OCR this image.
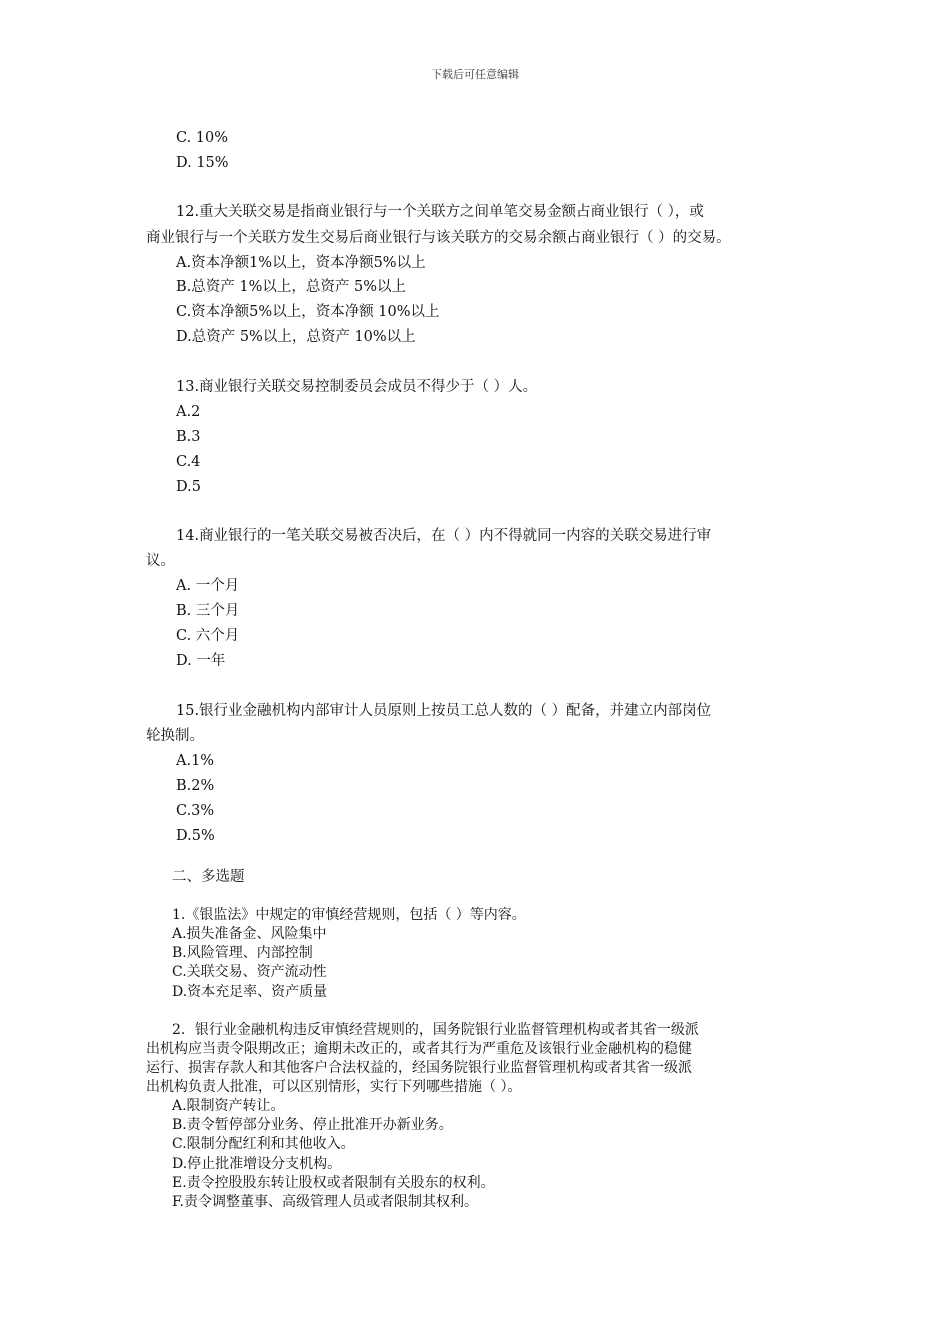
下载后可任意编辑
C. 10%
D. 15%
12.重大关联交易是指商业银行与一个关联方之间单笔交易金额占商业银行（ ），或
商业银行与一个关联方发生交易后商业银行与该关联方的交易余额占商业银行（ ）的交易。
A.资本净额1%以上，资本净额5%以上
B.总资产 1%以上，总资产 5%以上
C.资本净额5%以上，资本净额 10%以上
D.总资产 5%以上，总资产 10%以上
13.商业银行关联交易控制委员会成员不得少于（ ）人。
A.2
B.3
C.4
D.5
14.商业银行的一笔关联交易被否决后，在（ ）内不得就同一内容的关联交易进行审
议。
A. 一个月
B. 三个月
C. 六个月
D. 一年
15.银行业金融机构内部审计人员原则上按员工总人数的（ ）配备，并建立内部岗位
轮换制。
A.1%
B.2%
C.3%
D.5%
二、多选题
1.《银监法》中规定的审慎经营规则，包括（ ）等内容。
A.损失准备金、风险集中
B.风险管理、内部控制
C.关联交易、资产流动性
D.资本充足率、资产质量
2．银行业金融机构违反审慎经营规则的，国务院银行业监督管理机构或者其省一级派
出机构应当责令限期改正；逾期未改正的，或者其行为严重危及该银行业金融机构的稳健
运行、损害存款人和其他客户合法权益的，经国务院银行业监督管理机构或者其省一级派
出机构负责人批准，可以区别情形，实行下列哪些措施（ ）。
A.限制资产转让。
B.责令暂停部分业务、停止批准开办新业务。
C.限制分配红利和其他收入。
D.停止批准增设分支机构。
E.责令控股股东转让股权或者限制有关股东的权利。
F.责令调整董事、高级管理人员或者限制其权利。
